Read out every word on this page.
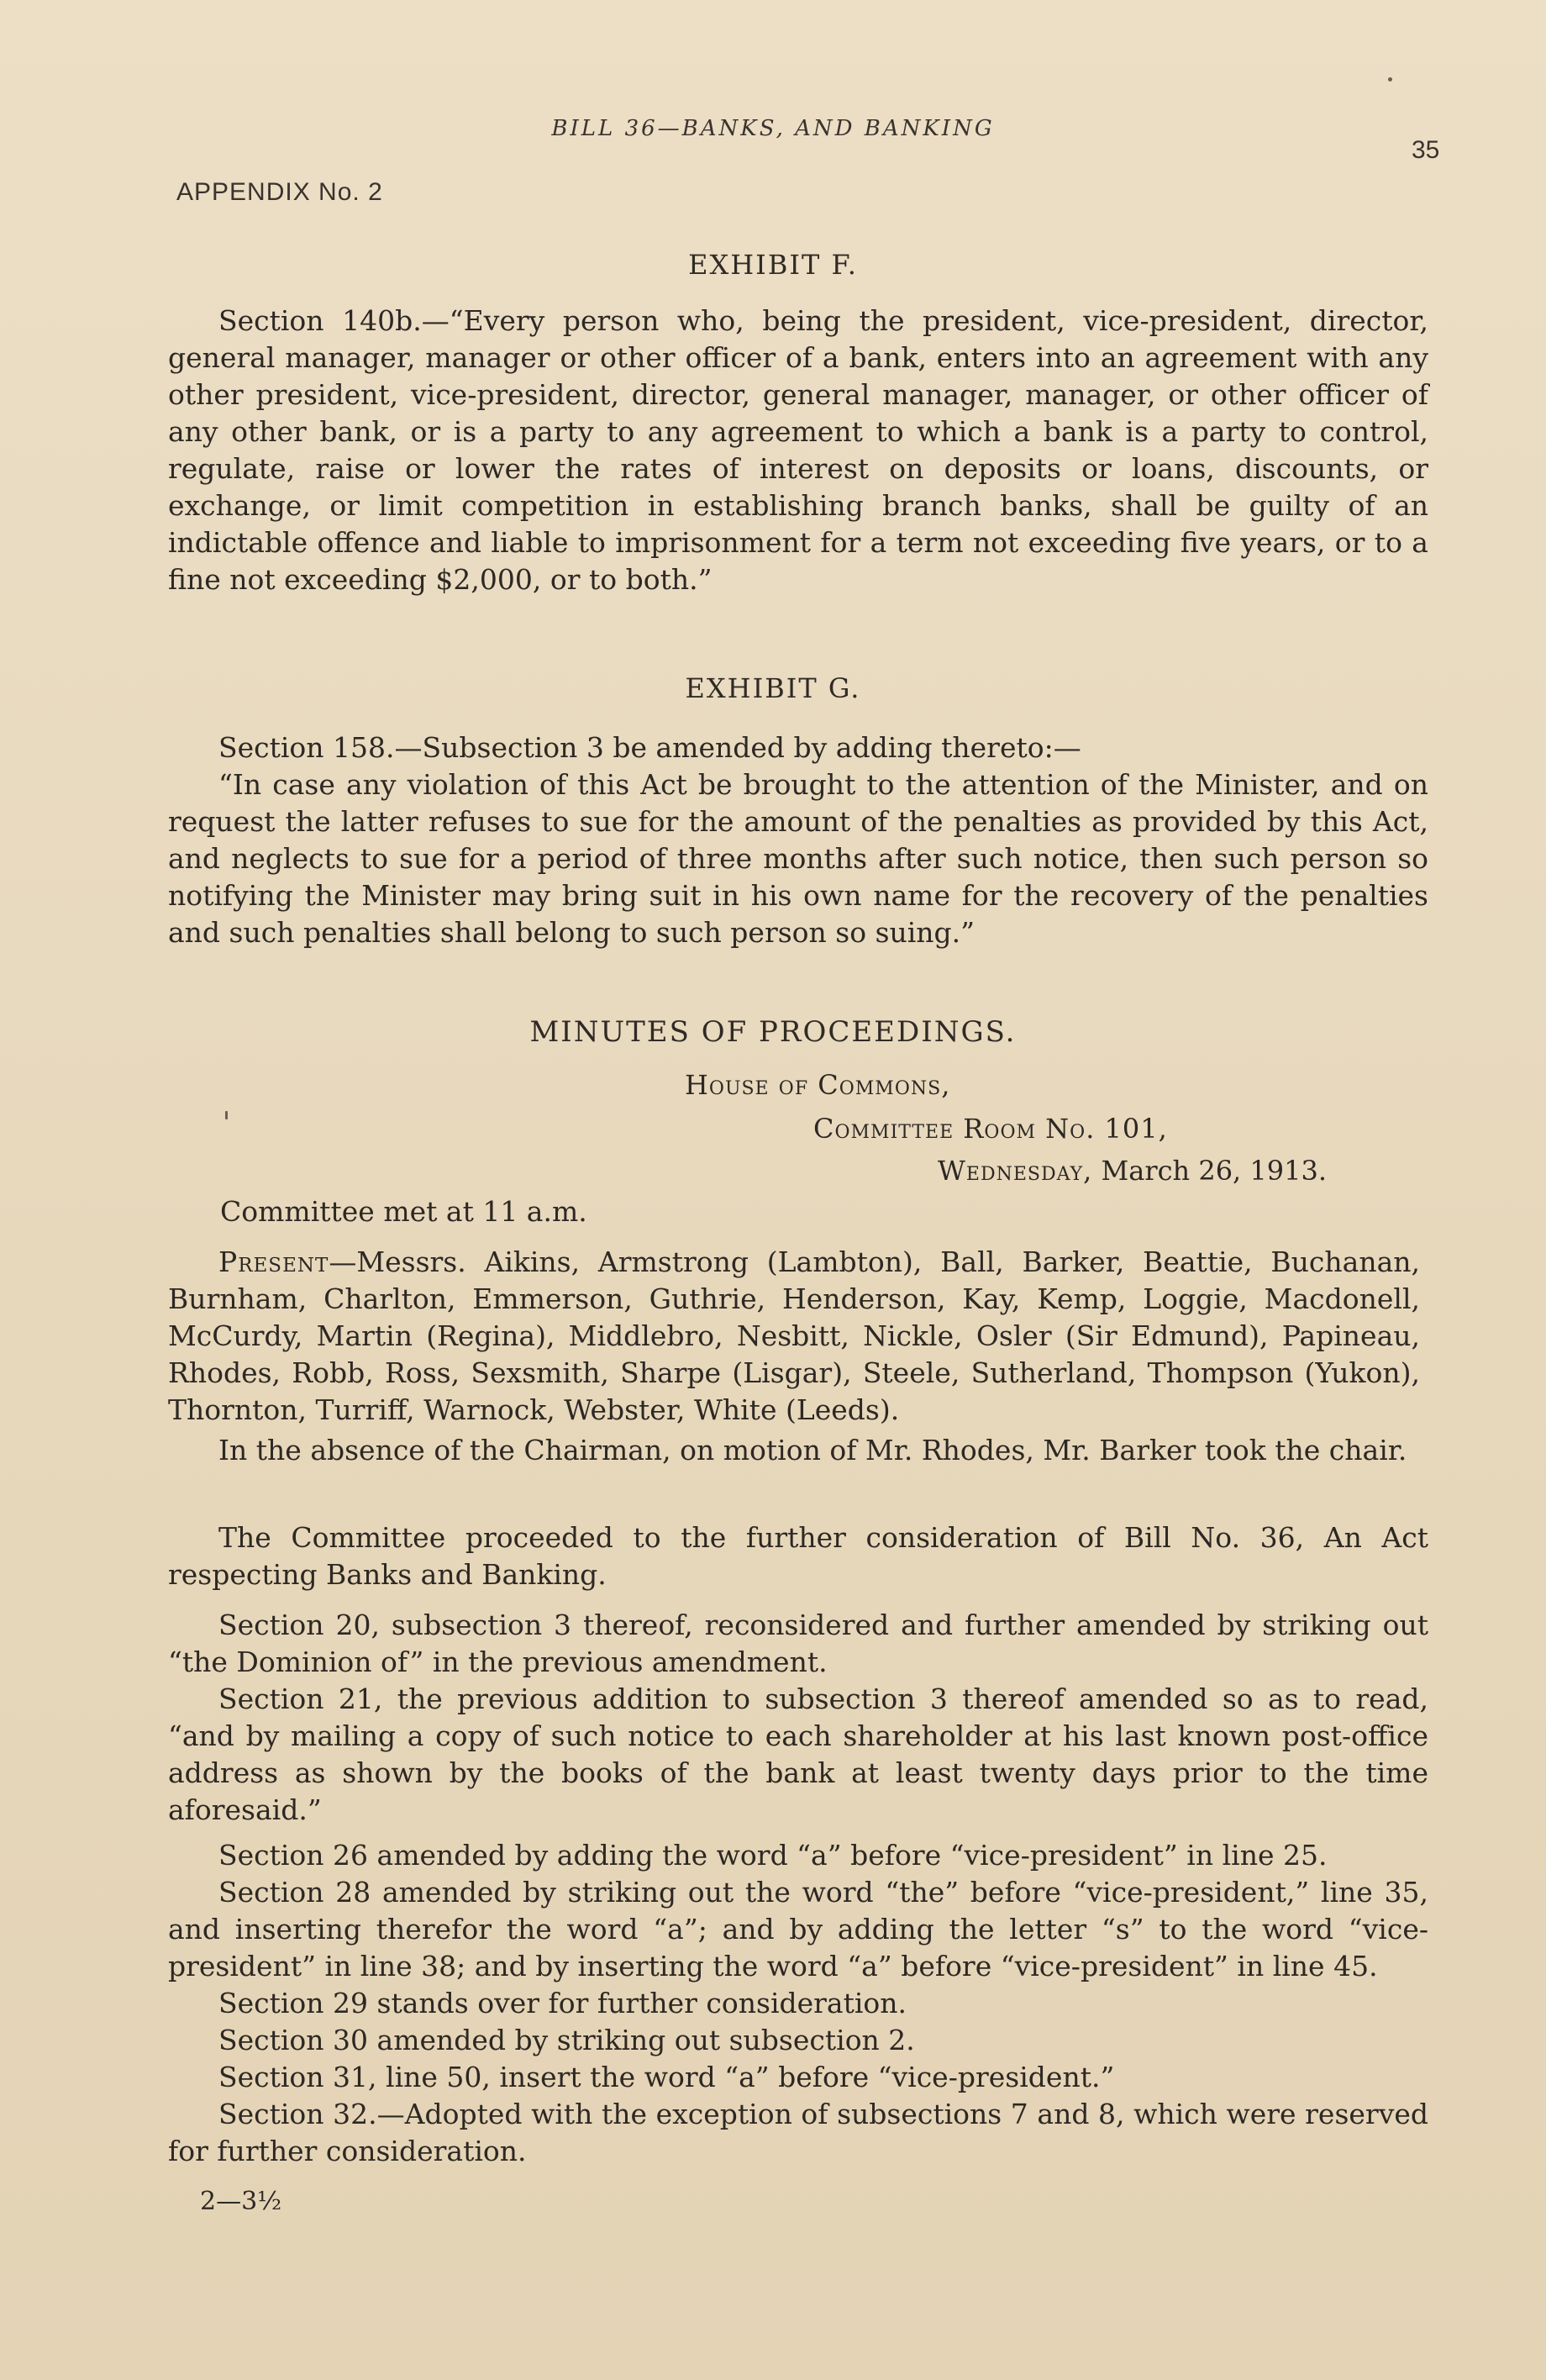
BILL 36—BANKS, AND BANKING
35
APPENDIX No. 2
EXHIBIT F.

Section 140b.—“Every person who, being the president, vice-president, director, general manager, manager or other officer of a bank, enters into an agreement with any other president, vice-president, director, general manager, manager, or other officer of any other bank, or is a party to any agreement to which a bank is a party to control, regulate, raise or lower the rates of interest on deposits or loans, discounts, or exchange, or limit competition in establishing branch banks, shall be guilty of an indictable offence and liable to imprisonment for a term not exceeding five years, or to a fine not exceeding $2,000, or to both.”

EXHIBIT G.

Section 158.—Subsection 3 be amended by adding thereto:—

“In case any violation of this Act be brought to the attention of the Minister, and on request the latter refuses to sue for the amount of the penalties as provided by this Act, and neglects to sue for a period of three months after such notice, then such person so notifying the Minister may bring suit in his own name for the recovery of the penalties and such penalties shall belong to such person so suing.”

MINUTES OF PROCEEDINGS.
House of Commons,
Committee Room No. 101,
Wednesday, March 26, 1913.
Committee met at 11 a.m.

Present—Messrs. Aikins, Armstrong (Lambton), Ball, Barker, Beattie, Buchanan, Burnham, Charlton, Emmerson, Guthrie, Henderson, Kay, Kemp, Loggie, Macdonell, McCurdy, Martin (Regina), Middlebro, Nesbitt, Nickle, Osler (Sir Edmund), Papineau, Rhodes, Robb, Ross, Sexsmith, Sharpe (Lisgar), Steele, Sutherland, Thompson (Yukon), Thornton, Turriff, Warnock, Webster, White (Leeds).

In the absence of the Chairman, on motion of Mr. Rhodes, Mr. Barker took the chair.

The Committee proceeded to the further consideration of Bill No. 36, An Act respecting Banks and Banking.

Section 20, subsection 3 thereof, reconsidered and further amended by striking out “the Dominion of” in the previous amendment.

Section 21, the previous addition to subsection 3 thereof amended so as to read, “and by mailing a copy of such notice to each shareholder at his last known post-office address as shown by the books of the bank at least twenty days prior to the time aforesaid.”

Section 26 amended by adding the word “a” before “vice-president” in line 25.

Section 28 amended by striking out the word “the” before “vice-president,” line 35, and inserting therefor the word “a”; and by adding the letter “s” to the word “vice-president” in line 38; and by inserting the word “a” before “vice-president” in line 45.

Section 29 stands over for further consideration.

Section 30 amended by striking out subsection 2.

Section 31, line 50, insert the word “a” before “vice-president.”

Section 32.—Adopted with the exception of subsections 7 and 8, which were reserved for further consideration.

2—3½
